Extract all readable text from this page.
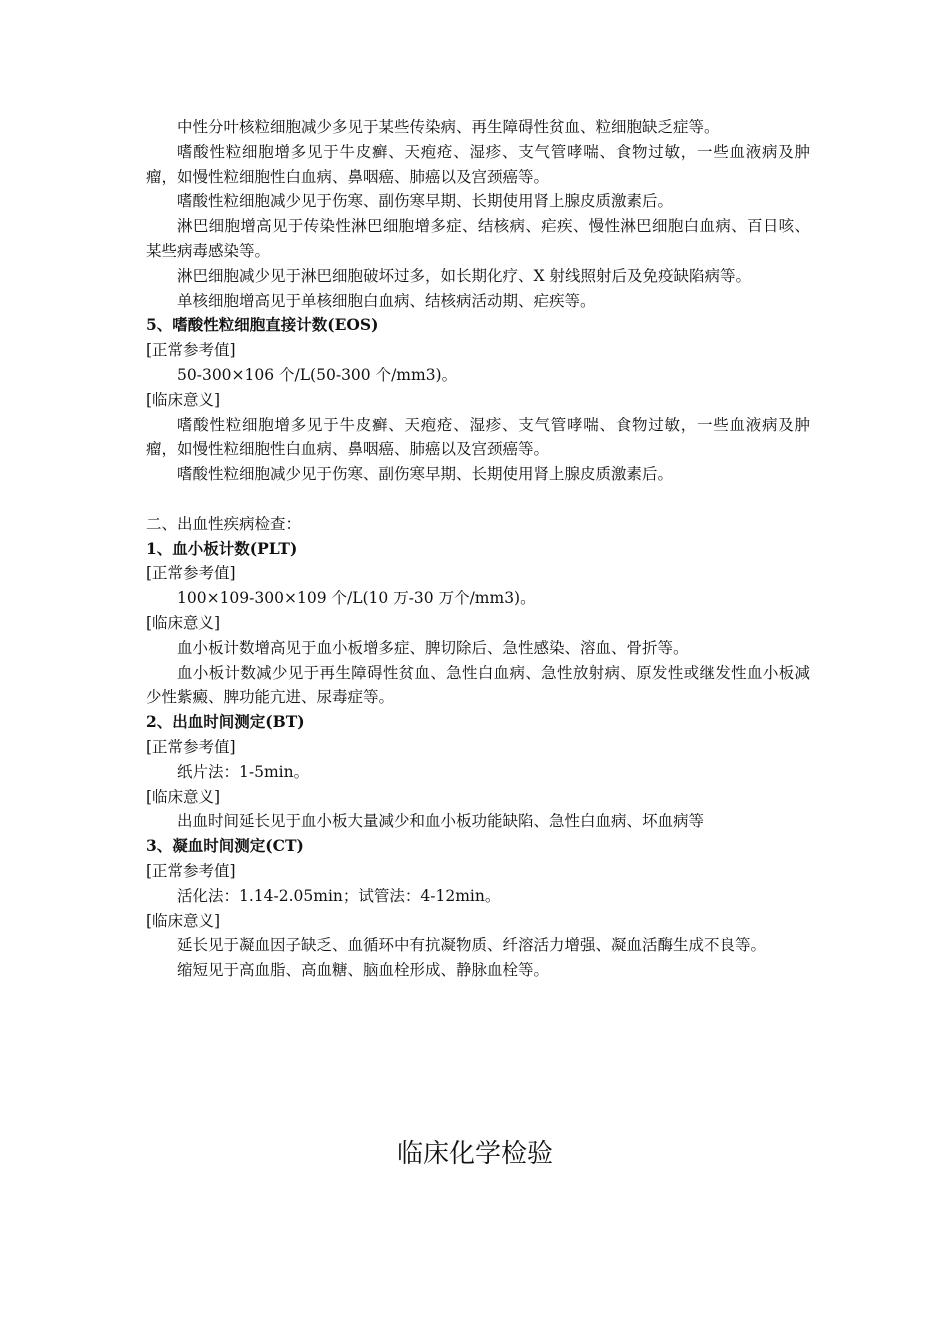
中性分叶核粒细胞减少多见于某些传染病、再生障碍性贫血、粒细胞缺乏症等。

嗜酸性粒细胞增多见于牛皮癣、天疱疮、湿疹、支气管哮喘、食物过敏，一些血液病及肿瘤，如慢性粒细胞性白血病、鼻咽癌、肺癌以及宫颈癌等。

嗜酸性粒细胞减少见于伤寒、副伤寒早期、长期使用肾上腺皮质激素后。

淋巴细胞增高见于传染性淋巴细胞增多症、结核病、疟疾、慢性淋巴细胞白血病、百日咳、某些病毒感染等。

淋巴细胞减少见于淋巴细胞破坏过多，如长期化疗、X 射线照射后及免疫缺陷病等。

单核细胞增高见于单核细胞白血病、结核病活动期、疟疾等。

5、嗜酸性粒细胞直接计数(EOS)

[正常参考值]

50-300×106 个/L(50-300 个/mm3)。

[临床意义]

嗜酸性粒细胞增多见于牛皮癣、天疱疮、湿疹、支气管哮喘、食物过敏，一些血液病及肿瘤，如慢性粒细胞性白血病、鼻咽癌、肺癌以及宫颈癌等。

嗜酸性粒细胞减少见于伤寒、副伤寒早期、长期使用肾上腺皮质激素后。

二、出血性疾病检查：

1、血小板计数(PLT)

[正常参考值]

100×109-300×109 个/L(10 万-30 万个/mm3)。

[临床意义]

血小板计数增高见于血小板增多症、脾切除后、急性感染、溶血、骨折等。

血小板计数减少见于再生障碍性贫血、急性白血病、急性放射病、原发性或继发性血小板减少性紫癜、脾功能亢进、尿毒症等。

2、出血时间测定(BT)

[正常参考值]

纸片法：1-5min。

[临床意义]

出血时间延长见于血小板大量减少和血小板功能缺陷、急性白血病、坏血病等

3、凝血时间测定(CT)

[正常参考值]

活化法：1.14-2.05min；试管法：4-12min。

[临床意义]

延长见于凝血因子缺乏、血循环中有抗凝物质、纤溶活力增强、凝血活酶生成不良等。

缩短见于高血脂、高血糖、脑血栓形成、静脉血栓等。

临床化学检验
